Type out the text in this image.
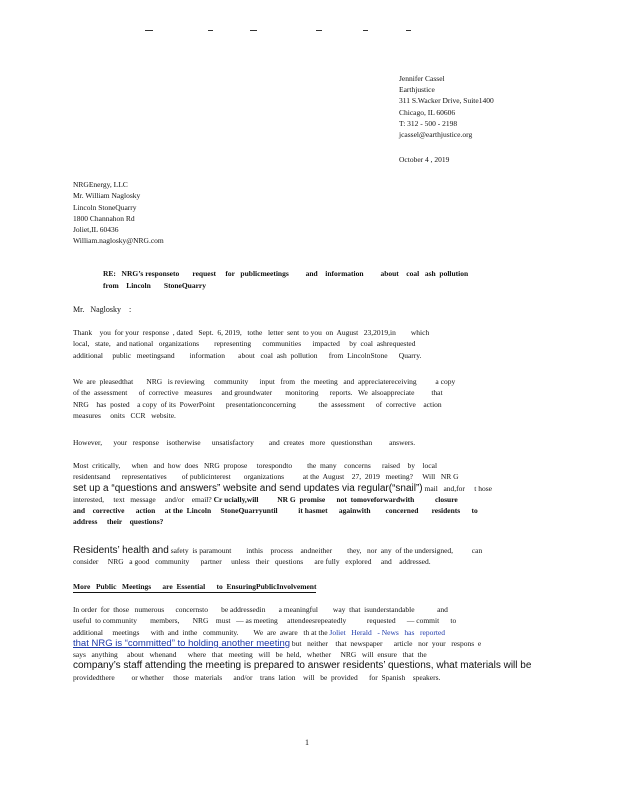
Jennifer Cassel
Earthjustice
311 S.Wacker Drive, Suite1400
Chicago, IL 60606
T: 312 - 500 - 2198
jcassel@earthjustice.org
October 4 , 2019
NRGEnergy, LLC
Mr. William Naglosky
Lincoln StoneQuarry
1800 Channahon Rd
Joliet,IL 60436
William.naglosky@NRG.com
RE: NRG’s responseto       request     for   publicmeetings         and    information         about    coal   ash  pollution
from    Lincoln       StoneQuarry
Mr.   Naglosky    :
Thank    you  for your  response  , dated   Sept.  6, 2019,   tothe   letter  sent  to you  on  August   23,2019,in        which
local,   state,   and national   organizations        representing      communities      impacted     by  coal  ashrequested
additional     public   meetingsand        information       about   coal  ash  pollution      from  LincolnStone      Quarry.
We  are  pleasedthat       NRG   is reviewing     community      input   from   the  meeting   and  appreciatereceiving          a copy
of the  assessment      of  corrective   measures     and groundwater       monitoring      reports.   We  alsoappreciate         that
NRG    has  posted    a copy  of its  PowerPoint      presentationconcerning            the  assessment      of  corrective    action
measures     onits   CCR   website.
However,      your   response    isotherwise      unsatisfactory        and  creates   more   questionsthan         answers.
Most  critically,      when   and  how  does   NRG  propose     torespondto        the  many    concerns      raised    by    local
residentsand      representatives        of publicinterest       organizations          at the  August    27,  2019   meeting?     Will   NR G
set up a “questions and answers” website and send updates via regular(“snail”) mail   and,for     t hose
interested,     text   message     and/or    email? Cr ucially,will          NR G  promise      not  tomoveforwardwith           closure
and    corrective      action     at the  Lincoln     StoneQuarryuntil           it hasmet      againwith        concerned       residents      to
address     their    questions?
Residents’ health and safety  is paramount        inthis    process    andneither        they,   nor  any  of the undersigned,          can
consider     NRG   a good   community      partner     unless   their   questions      are fully   explored     and    addressed.
More   Public   Meetings      are  Essential      to  EnsuringPublicInvolvement
In order  for  those   numerous      concernsto       be addressedin       a meaningful        way  that  isunderstandable            and
useful  to community       members,       NRG    must   — as meeting     attendeesrepeatedly           requested      — commit      to
additional     meetings      with  and  inthe   community.        We  are  aware   th at the Joliet   Herald   - News   has   reported
that NRG is “committed” to holding another meeting but   neither    that  newspaper      article   nor  your   respons  e
says   anything     about   whenand      where   that   meeting   will   be  held,   whether     NRG   will  ensure   that  the
company’s staff attending the meeting is prepared to answer residents’ questions, what materials will be
providedthere         or whether     those   materials      and/or    trans  lation    will   be  provided      for  Spanish    speakers.
1
